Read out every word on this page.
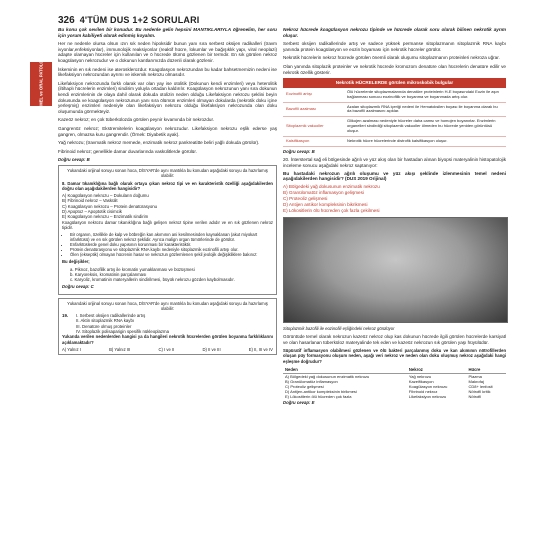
326 4'TÜM DUS 1+2 SORULARI
TEMEL ve ORAL PATOLOJİ

Bu konu çok sevilen bir konudur. Bu nedenle gelin hepsini MANTIKLARIYLA öğrenelim, her soru için yorum kabiliyeti olarak edinmiş koyalım.

Her ne nedenle olursa olsun ızın sık neden hipoksidir bunun yanı sıra serbest oksijen radikalleri (travm ivyonlar,enfeksiyonlar), immunolojik reaksiyonlar (reaktif hücre, lokumlar ve bağışıklık yapı, viral neoplazi) adapte olamayan hücreler için kullanılan ve ö hücrede ölümü gözlenen bir termdir. En sık görülen nekroz koagülasyon nekrozudur ve o dokunun kantlarımızda düzenli olarak gözlenir.

İskeminin en sık nedeni ise aterosklerozdur. Koagülasyon nekrozundan bu kadar bahsetmemizin nedeni ise likefaksiyon nekrozundan ayrımı ve iskemik nekrozu olmasıdır.

Likefaksiyon nekrozunda farklı olarak var olan yay ise otolitik (Dokunun kendi enzimleri) veya heterolitik (iltihaplı hücrelerin enzimleri) sindirim yoluyla ortadan kaldırılır. Koagülasyon nekrozunun yanı sıra dokunun kendi enzimlerinin de olaya dahil olarak dokuda otolizin neden olduğu Likefaksiyon nekrozu şeklini beyin dokusunda ve koagülasyon nekrozunun yanı sıra ölümün enzimleri olmayan dokularda (nekrotik doku içine yerleşmiş) enzimleri nedeniyle olan likefaksiyon nekrozu olduğu likefaksiyon nekrozunda olan doku oluşumunda görmekteyiz.

Kazeöz nekroz; en çok tüberkülozda görülen peynir kıvamında bir nekrozdur.

Gangrenöz nekroz; Ekstremitelerin koagülasyon nekrozudur. Likefaksiyon nekrozu eşlik ederse yaş gangren, olmazsa kuru gangrendir. (Örnek: Diyabetik ayak).

Yağ nekrozu; (travmatik nekroz memede, enzimatik nekroz pankreatitte beliri yağlı dokuda görülür).

Fibrinoid nekroz; genellikle damar duvarlarında vaskülitlerde görülür.

Doğru cevap: B

Yukarıdaki orijinal soruyu sonan hoca, DİSYAR'de aynı mantıkla bu konudan aşağıdaki soruyu da hazırlamış olabilir:

8. Damar tıkanıklığına bağlı olarak ortaya çıkan nekroz tipi ve en karakteristik özelliği aşağıdakilerden doğru olan aşağıdakilerden hangisidir?

A) Koagülasyon nekrozu – Dokuların doğumu
B) Fibrinoid nekroz – Vaskülit
C) Koagülasyon nekrozu – Protein denatürasyonu
D) Apoptoz – Apoptotik cisimcik
E) Koagülasyon nekrozu – Enzimatik sindirim

Koagülasyon nekrozu damar tıkanıklığına bağlı gelişen nekroz tipine verilen adıdır ve en sık gözlenen nekroz tipidir.

• Bir organın, özellikle de kalp ve böbreğin kan akımının ani kesilmesinden kaynaklanan (akut miyokart infarktüsü) ve en sık görülen nekroz şeklidir. Ayrıca malign organ tümörlerinde de görülür.
• Enfarktüslerde genel doku yapısının korunması bir karakteristiktir.
• Protein denatürasyonu ve sitoplazmik RNA kaybı nedeniyle sitoplazmik eozinofili artışı olur.
• Ölen (ekseptik) olmayan hücrenin hasar ve nekrozun gözlemlenen şekil jeolojik değişikliklere bakınız:

Bu değişikler;

a. Piknoz, bazofilik artış ile kromatin yumaklanması ve büzüşmesi
b. Karyoreksis, kromatinin parçalanması
c. Karyoliz, kromatinin materyallerin sindirilmesi, büyük nekrozu gözden kaybolmasıdır.
Doğru cevap: C

Yukarıdaki orijinal soruyu sonan hoca, DİSYAR'de aynı mantıkla bu konudan aşağıdaki soruyu da hazırlamış olabilir:

19.	I. Serbest oksijen radikallerinde artış
II. Aktin sitoplazmik RNA kaybı
III. Denatüre olmuş proteinler
IV. Sitoplazik polisaparigin spesifik nükleoplazma

Yukarıda verilen nedenlerden hangisi ya da hangileri nekrotik hücrelerden görülen boyanma farklılıklarını açıklamaktadır?

A) Yalnız I	B) Yalnız III	C) I ve II	D) II ve III	E) II, III ve IV

Nekroz hücrede koagülasyon nekrozu tipinde ve hücrede olarak soru olarak bilinen nekrotik ayrım oluşur.

Serbest oksijen radikallerinde artış ve sadece yüksek permanse sitoplazmanın sitoplazmik RNA kaybı yanında protein koagülasyon ve eozin boyaması için nekrotik hücreler görülür.

Nekrotik hücrelerin nekroz hücrede görülen önemli olarak oluşumu sitoplazmanın proteinleri nekroza uğrar.

Olan yanında sitoplazik proteinler ve nekrotik hücrede kromozom denatüre olan hücrelerin denatüre edilir ve nekrotik özellik gösterir.

Nekrotik HÜCRELERDE görülen mikroskobik bulgular	
Eozinofili artışı	Ölü hücrelerde sitoplazmalarında denatüre proteinlerin H-E boyasındaki Eozin ile aşırı bağlanması sonucu eozinofilik ve boyanma ve boyanmada artış olur.
Bazofili azalması	Azalan sitoplazmik RNA içeriği nedeni ile Hematoksilen boyası ile boyanma olarak bu da bazofili azalmasını açıklar.
Sitoplazmik vakuoller	Glikojen azalması nedeniyle hücreler daha camsı ve homojen boyanırlar. Enzimlerin organelleri sindirdiği sitoplazmik vakuoller ölmeden bu hücrede yeniden görüntüsü oluşur.
Kalsifikasyon	Nekrotik hücre hücrelerinde distrofik kalsifikasyon oluşur.
Doğru cevap: B

20. İnterstertal sağ eli bölgesinde ağrılı ve yüz akış olan bir hastadan alınan biyopsi materyalinin histopatolojik inceleme sonucu aşağıdaki nekroz saptanıyor:

Bu hastadaki nekrozun ağrılı oluşumu ve yüz akışı şeklinde izlenmesinin temel nedeni aşağıdakilerden hangisidir? (DUS 2019 Orijinal)

A) Bölgedeki yağ dokusunun enzimatik nekrozu
B) Granülomatöz inflamasyon gelişmesi
C) Proteoliz gelişmesi
D) Antijen antikor kompleksinin bikrikmesi
E) Lökositlerin ölü hücreden çok fazla çekilmesi

Sitoplazmik bazofili ile eozinofili eşliğindeki nekroz görülüyor

Görüntüde temel olarak nekrozun kazeöz nekroz olup kas dokunun hücrede ilgili görülen hücrelerde karsiyatl ve olan hasarlanan tüberküloz materyalinde tek eden ve kazeöz nekrozun sık görülen yaşı hüyülüdür.

Süpüratif inflamasyon olabilmesi gözlenen ve ölü bakteri parçalanmış doku ve kan akımının nötrofillerden oluşan püy formasyonu oluşum neden, aşağı veri nekroz ve neden olan doku oluşmuş nekroz aşağıdaki hangi eşleşme doğrudur?

Neden	Nekroz	Hücre
A) Bölgedeki yağ dokusunun enzimatik nekrozu	Yağ nekrozu	Plazma
B) Granülomatöz inflamasyon	Kazeifikasyon	Makrofaj
C) Proteoliz gelişmesi	Koagülasyon nekrozu	CD8+ lenfosit
D) Antijen-antikor kompleksinin birikmesi	Fibrinoid nekroz	Nötrofil kritik
E) Lökositlerin ölü hücreden çok fazla	Likefaksiyon nekrozu	Nötrofil
Doğru cevap: E
